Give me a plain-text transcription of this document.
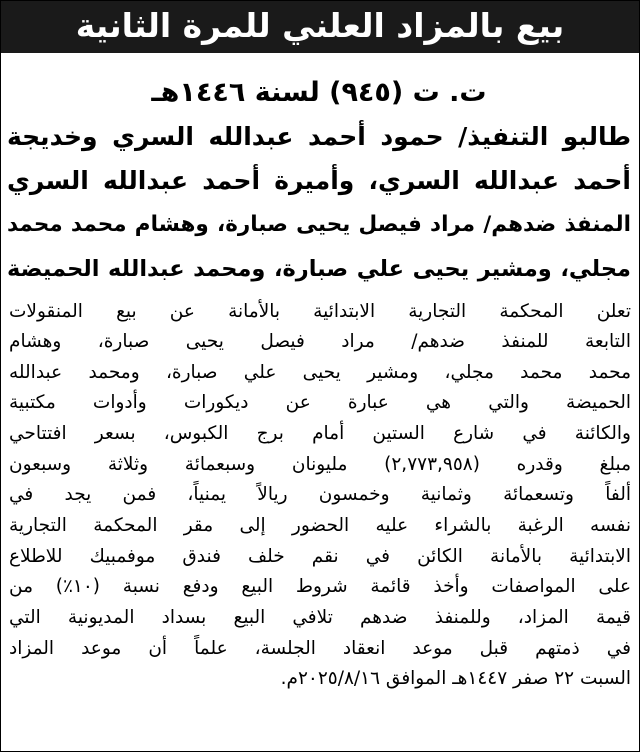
بيع بالمزاد العلني للمرة الثانية
ت. ت (٩٤٥) لسنة ١٤٤٦هـ
طالبو التنفيذ/ حمود أحمد عبدالله السري وخديجة
أحمد عبدالله السري، وأميرة أحمد عبدالله السري
المنفذ ضدهم/ مراد فيصل يحيى صبارة، وهشام محمد محمد
مجلي، ومشير يحيى علي صبارة، ومحمد عبدالله الحميضة
تعلن المحكمة التجارية الابتدائية بالأمانة عن بيع المنقولات
التابعة للمنفذ ضدهم/ مراد فيصل يحيى صبارة، وهشام
محمد محمد مجلي، ومشير يحيى علي صبارة، ومحمد عبدالله
الحميضة والتي هي عبارة عن ديكورات وأدوات مكتبية
والكائنة في شارع الستين أمام برج الكبوس، بسعر افتتاحي
مبلغ وقدره (٢,٧٧٣,٩٥٨) مليونان وسبعمائة وثلاثة وسبعون
ألفاً وتسعمائة وثمانية وخمسون ريالاً يمنياً، فمن يجد في
نفسه الرغبة بالشراء عليه الحضور إلى مقر المحكمة التجارية
الابتدائية بالأمانة الكائن في نقم خلف فندق موفمبيك للاطلاع
على المواصفات وأخذ قائمة شروط البيع ودفع نسبة (١٠٪) من
قيمة المزاد، وللمنفذ ضدهم تلافي البيع بسداد المديونية التي
في ذمتهم قبل موعد انعقاد الجلسة، علماً أن موعد المزاد
السبت ٢٢ صفر ١٤٤٧هـ الموافق ٢٠٢٥/٨/١٦م.
